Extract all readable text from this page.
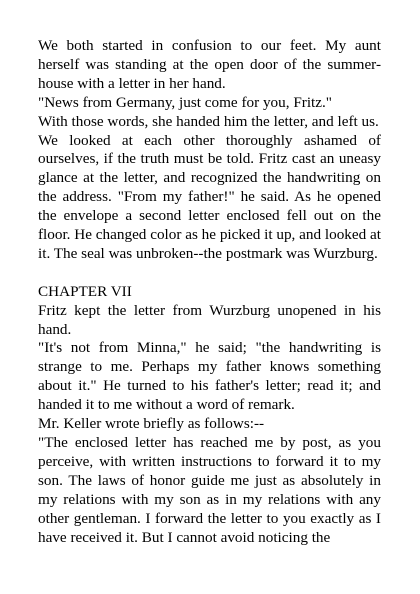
We both started in confusion to our feet. My aunt herself was standing at the open door of the summer-house with a letter in her hand.

"News from Germany, just come for you, Fritz."

With those words, she handed him the letter, and left us.

We looked at each other thoroughly ashamed of ourselves, if the truth must be told. Fritz cast an uneasy glance at the letter, and recognized the handwriting on the address. "From my father!" he said. As he opened the envelope a second letter enclosed fell out on the floor. He changed color as he picked it up, and looked at it. The seal was unbroken--the postmark was Wurzburg.

CHAPTER VII

Fritz kept the letter from Wurzburg unopened in his hand.

"It's not from Minna," he said; "the handwriting is strange to me. Perhaps my father knows something about it." He turned to his father's letter; read it; and handed it to me without a word of remark.

Mr. Keller wrote briefly as follows:--

"The enclosed letter has reached me by post, as you perceive, with written instructions to forward it to my son. The laws of honor guide me just as absolutely in my relations with my son as in my relations with any other gentleman. I forward the letter to you exactly as I have received it. But I cannot avoid noticing the
